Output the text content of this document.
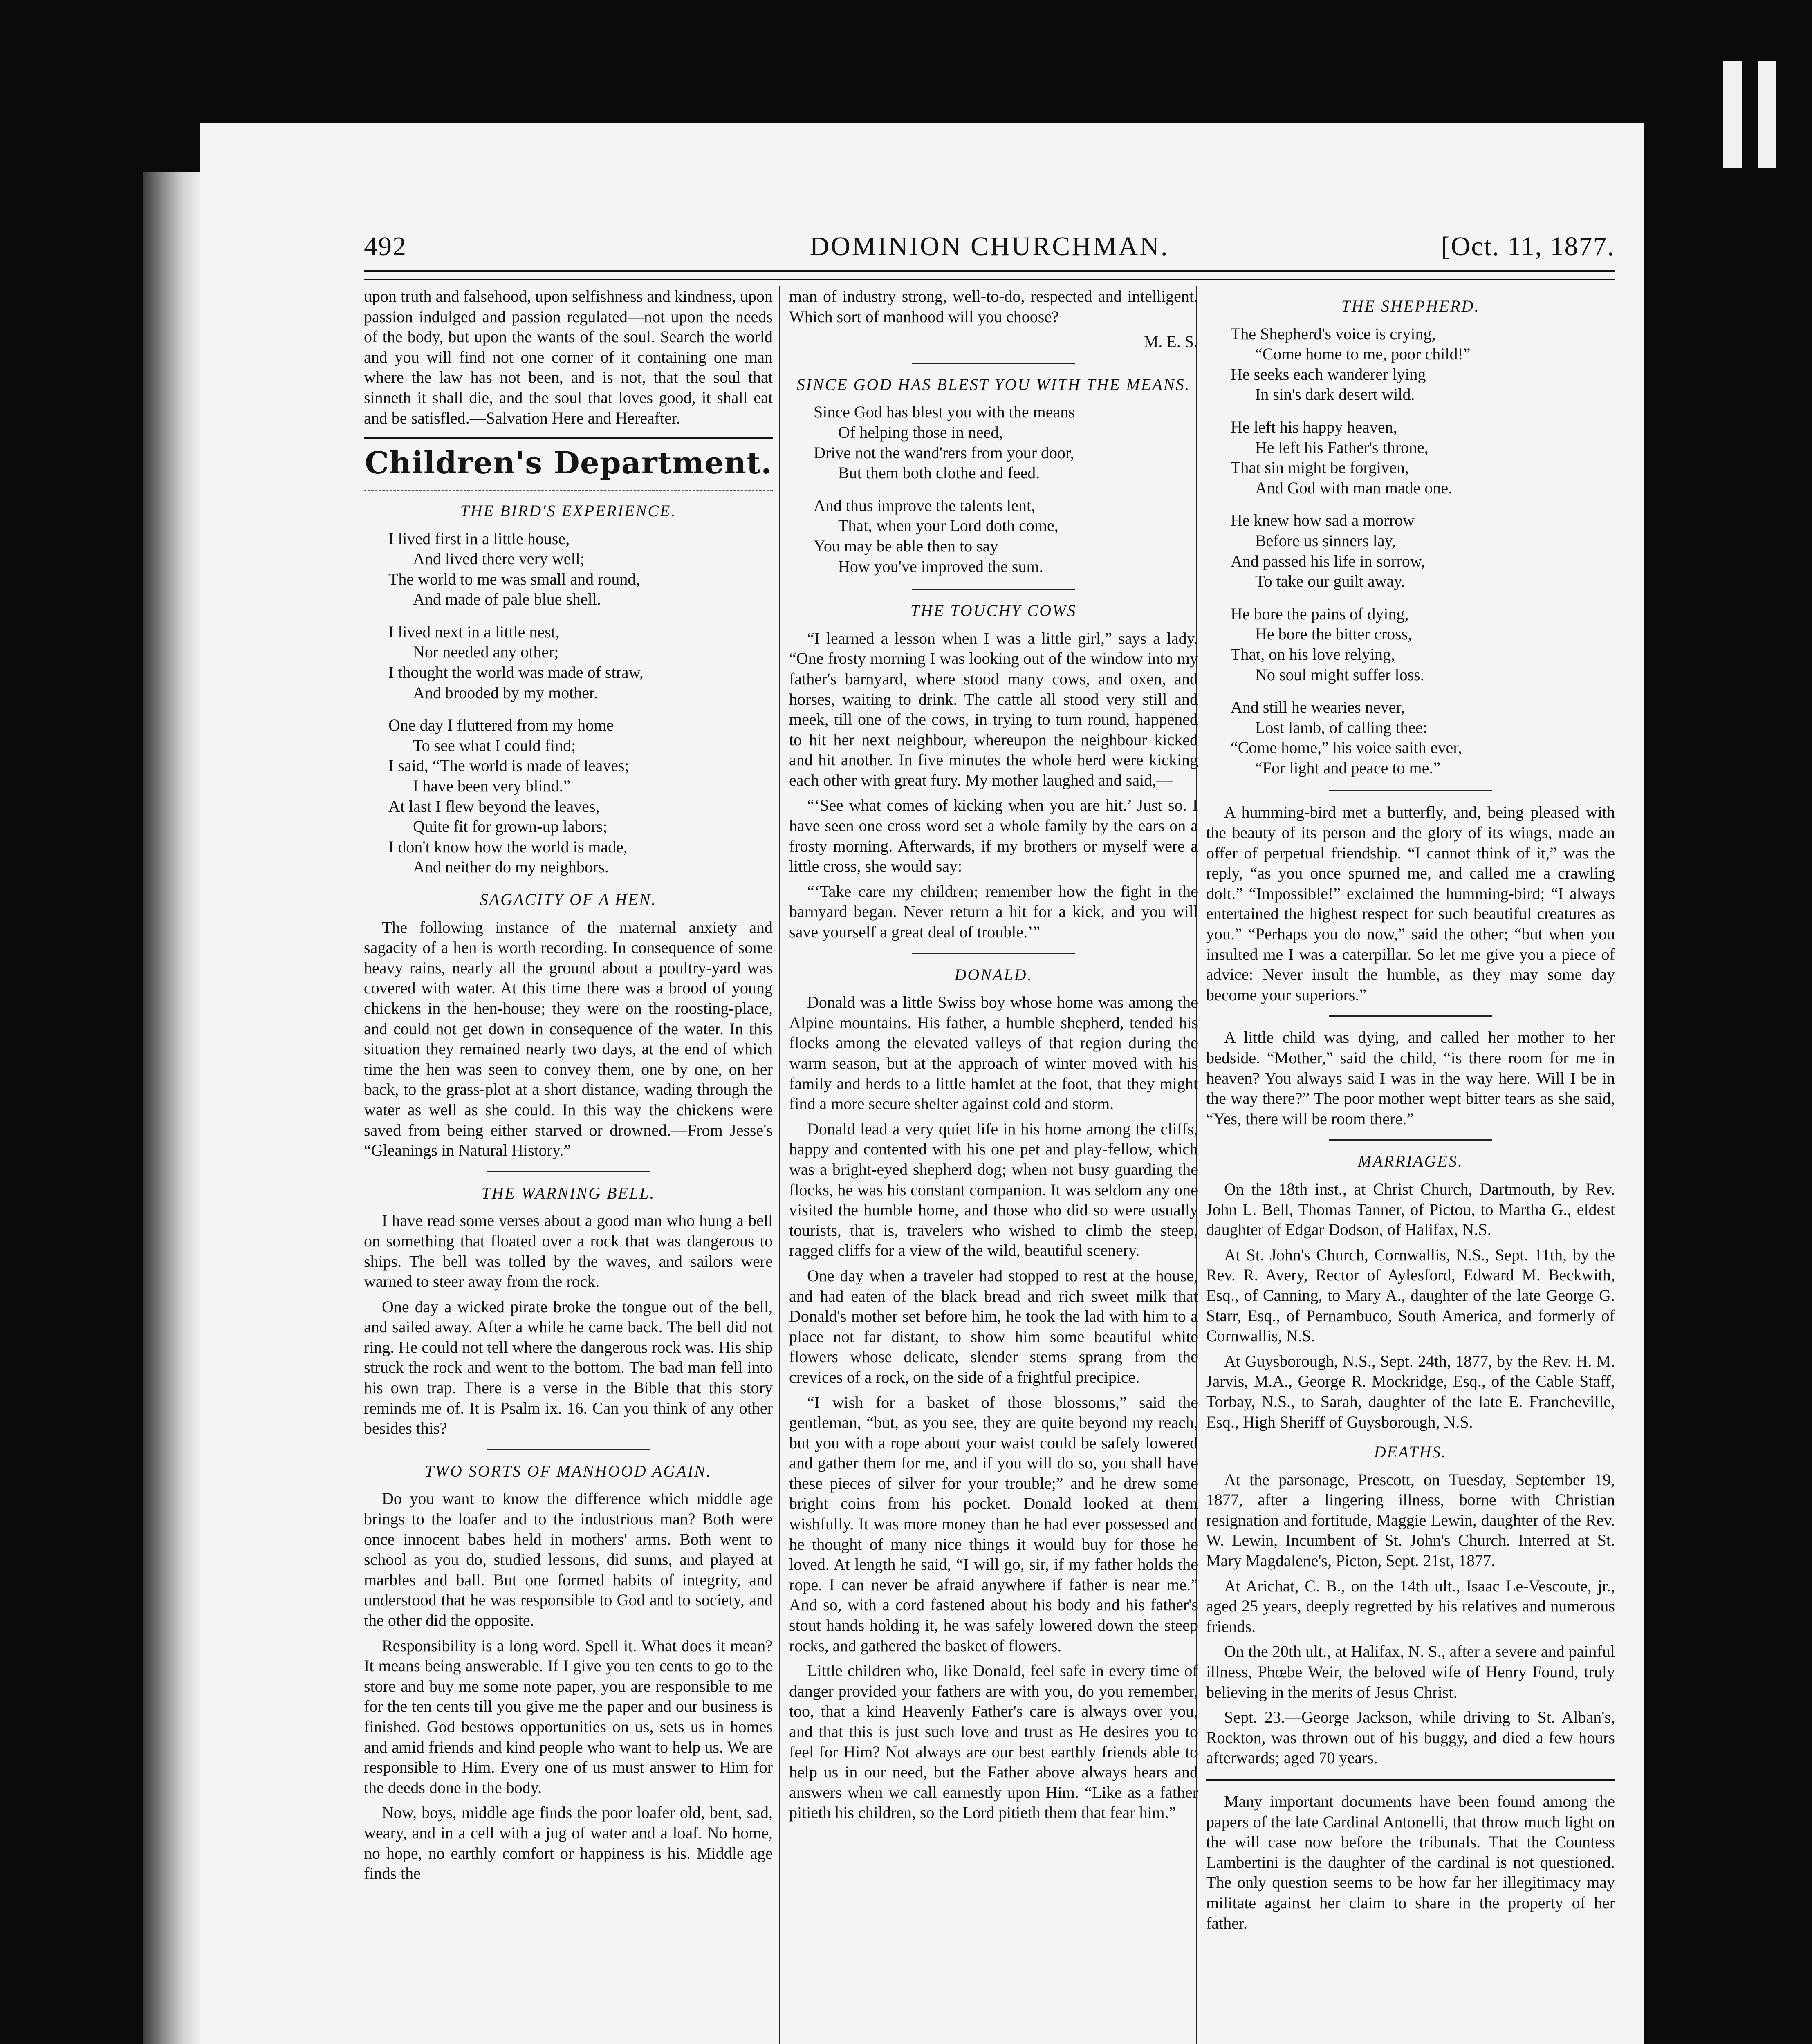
492	DOMINION CHURCHMAN.	[Oct. 11, 1877.

upon truth and falsehood, upon selfishness and kindness, upon passion indulged and passion regulated—not upon the needs of the body, but upon the wants of the soul. Search the world and you will find not one corner of it containing one man where the law has not been, and is not, that the soul that sinneth it shall die, and the soul that loves good, it shall eat and be satisfled.—Salvation Here and Hereafter.

Children's Department.
THE BIRD'S EXPERIENCE.
I lived first in a little house,
And lived there very well;
The world to me was small and round,
And made of pale blue shell.
I lived next in a little nest,
Nor needed any other;
I thought the world was made of straw,
And brooded by my mother.
One day I fluttered from my home
To see what I could find;
I said, “The world is made of leaves;
I have been very blind.”
At last I flew beyond the leaves,
Quite fit for grown-up labors;
I don't know how the world is made,
And neither do my neighbors.
SAGACITY OF A HEN.

The following instance of the maternal anxiety and sagacity of a hen is worth recording. In consequence of some heavy rains, nearly all the ground about a poultry-yard was covered with water. At this time there was a brood of young chickens in the hen-house; they were on the roosting-place, and could not get down in consequence of the water. In this situation they remained nearly two days, at the end of which time the hen was seen to convey them, one by one, on her back, to the grass-plot at a short distance, wading through the water as well as she could. In this way the chickens were saved from being either starved or drowned.—From Jesse's “Gleanings in Natural History.”

THE WARNING BELL.

I have read some verses about a good man who hung a bell on something that floated over a rock that was dangerous to ships. The bell was tolled by the waves, and sailors were warned to steer away from the rock.

One day a wicked pirate broke the tongue out of the bell, and sailed away. After a while he came back. The bell did not ring. He could not tell where the dangerous rock was. His ship struck the rock and went to the bottom. The bad man fell into his own trap. There is a verse in the Bible that this story reminds me of. It is Psalm ix. 16. Can you think of any other besides this?

TWO SORTS OF MANHOOD AGAIN.

Do you want to know the difference which middle age brings to the loafer and to the industrious man? Both were once innocent babes held in mothers' arms. Both went to school as you do, studied lessons, did sums, and played at marbles and ball. But one formed habits of integrity, and understood that he was responsible to God and to society, and the other did the opposite.

Responsibility is a long word. Spell it. What does it mean? It means being answerable. If I give you ten cents to go to the store and buy me some note paper, you are responsible to me for the ten cents till you give me the paper and our business is finished. God bestows opportunities on us, sets us in homes and amid friends and kind people who want to help us. We are responsible to Him. Every one of us must answer to Him for the deeds done in the body.

Now, boys, middle age finds the poor loafer old, bent, sad, weary, and in a cell with a jug of water and a loaf. No home, no hope, no earthly comfort or happiness is his. Middle age finds the

man of industry strong, well-to-do, respected and intelligent. Which sort of manhood will you choose?

M. E. S.
SINCE GOD HAS BLEST YOU WITH THE MEANS.
Since God has blest you with the means
Of helping those in need,
Drive not the wand'rers from your door,
But them both clothe and feed.
And thus improve the talents lent,
That, when your Lord doth come,
You may be able then to say
How you've improved the sum.
THE TOUCHY COWS

“I learned a lesson when I was a little girl,” says a lady. “One frosty morning I was looking out of the window into my father's barnyard, where stood many cows, and oxen, and horses, waiting to drink. The cattle all stood very still and meek, till one of the cows, in trying to turn round, happened to hit her next neighbour, whereupon the neighbour kicked and hit another. In five minutes the whole herd were kicking each other with great fury. My mother laughed and said,—

“‘See what comes of kicking when you are hit.’ Just so. I have seen one cross word set a whole family by the ears on a frosty morning. Afterwards, if my brothers or myself were a little cross, she would say:

“‘Take care my children; remember how the fight in the barnyard began. Never return a hit for a kick, and you will save yourself a great deal of trouble.’”

DONALD.

Donald was a little Swiss boy whose home was among the Alpine mountains. His father, a humble shepherd, tended his flocks among the elevated valleys of that region during the warm season, but at the approach of winter moved with his family and herds to a little hamlet at the foot, that they might find a more secure shelter against cold and storm.

Donald lead a very quiet life in his home among the cliffs, happy and contented with his one pet and play-fellow, which was a bright-eyed shepherd dog; when not busy guarding the flocks, he was his constant companion. It was seldom any one visited the humble home, and those who did so were usually tourists, that is, travelers who wished to climb the steep, ragged cliffs for a view of the wild, beautiful scenery.

One day when a traveler had stopped to rest at the house, and had eaten of the black bread and rich sweet milk that Donald's mother set before him, he took the lad with him to a place not far distant, to show him some beautiful white flowers whose delicate, slender stems sprang from the crevices of a rock, on the side of a frightful precipice.

“I wish for a basket of those blossoms,” said the gentleman, “but, as you see, they are quite beyond my reach, but you with a rope about your waist could be safely lowered and gather them for me, and if you will do so, you shall have these pieces of silver for your trouble;” and he drew some bright coins from his pocket. Donald looked at them wishfully. It was more money than he had ever possessed and he thought of many nice things it would buy for those he loved. At length he said, “I will go, sir, if my father holds the rope. I can never be afraid anywhere if father is near me.” And so, with a cord fastened about his body and his father's stout hands holding it, he was safely lowered down the steep rocks, and gathered the basket of flowers.

Little children who, like Donald, feel safe in every time of danger provided your fathers are with you, do you remember, too, that a kind Heavenly Father's care is always over you, and that this is just such love and trust as He desires you to feel for Him? Not always are our best earthly friends able to help us in our need, but the Father above always hears and answers when we call earnestly upon Him. “Like as a father pitieth his children, so the Lord pitieth them that fear him.”

THE SHEPHERD.
The Shepherd's voice is crying,
“Come home to me, poor child!”
He seeks each wanderer lying
In sin's dark desert wild.
He left his happy heaven,
He left his Father's throne,
That sin might be forgiven,
And God with man made one.
He knew how sad a morrow
Before us sinners lay,
And passed his life in sorrow,
To take our guilt away.
He bore the pains of dying,
He bore the bitter cross,
That, on his love relying,
No soul might suffer loss.
And still he wearies never,
Lost lamb, of calling thee:
“Come home,” his voice saith ever,
“For light and peace to me.”

A humming-bird met a butterfly, and, being pleased with the beauty of its person and the glory of its wings, made an offer of perpetual friendship. “I cannot think of it,” was the reply, “as you once spurned me, and called me a crawling dolt.” “Impossible!” exclaimed the humming-bird; “I always entertained the highest respect for such beautiful creatures as you.” “Perhaps you do now,” said the other; “but when you insulted me I was a caterpillar. So let me give you a piece of advice: Never insult the humble, as they may some day become your superiors.”

A little child was dying, and called her mother to her bedside. “Mother,” said the child, “is there room for me in heaven? You always said I was in the way here. Will I be in the way there?” The poor mother wept bitter tears as she said, “Yes, there will be room there.”

MARRIAGES.

On the 18th inst., at Christ Church, Dartmouth, by Rev. John L. Bell, Thomas Tanner, of Pictou, to Martha G., eldest daughter of Edgar Dodson, of Halifax, N.S.

At St. John's Church, Cornwallis, N.S., Sept. 11th, by the Rev. R. Avery, Rector of Aylesford, Edward M. Beckwith, Esq., of Canning, to Mary A., daughter of the late George G. Starr, Esq., of Pernambuco, South America, and formerly of Cornwallis, N.S.

At Guysborough, N.S., Sept. 24th, 1877, by the Rev. H. M. Jarvis, M.A., George R. Mockridge, Esq., of the Cable Staff, Torbay, N.S., to Sarah, daughter of the late E. Francheville, Esq., High Sheriff of Guysborough, N.S.

DEATHS.

At the parsonage, Prescott, on Tuesday, September 19, 1877, after a lingering illness, borne with Christian resignation and fortitude, Maggie Lewin, daughter of the Rev. W. Lewin, Incumbent of St. John's Church. Interred at St. Mary Magdalene's, Picton, Sept. 21st, 1877.

At Arichat, C. B., on the 14th ult., Isaac Le-Vescoute, jr., aged 25 years, deeply regretted by his relatives and numerous friends.

On the 20th ult., at Halifax, N. S., after a severe and painful illness, Phœbe Weir, the beloved wife of Henry Found, truly believing in the merits of Jesus Christ.

Sept. 23.—George Jackson, while driving to St. Alban's, Rockton, was thrown out of his buggy, and died a few hours afterwards; aged 70 years.

Many important documents have been found among the papers of the late Cardinal Antonelli, that throw much light on the will case now before the tribunals. That the Countess Lambertini is the daughter of the cardinal is not questioned. The only question seems to be how far her illegitimacy may militate against her claim to share in the property of her father.
